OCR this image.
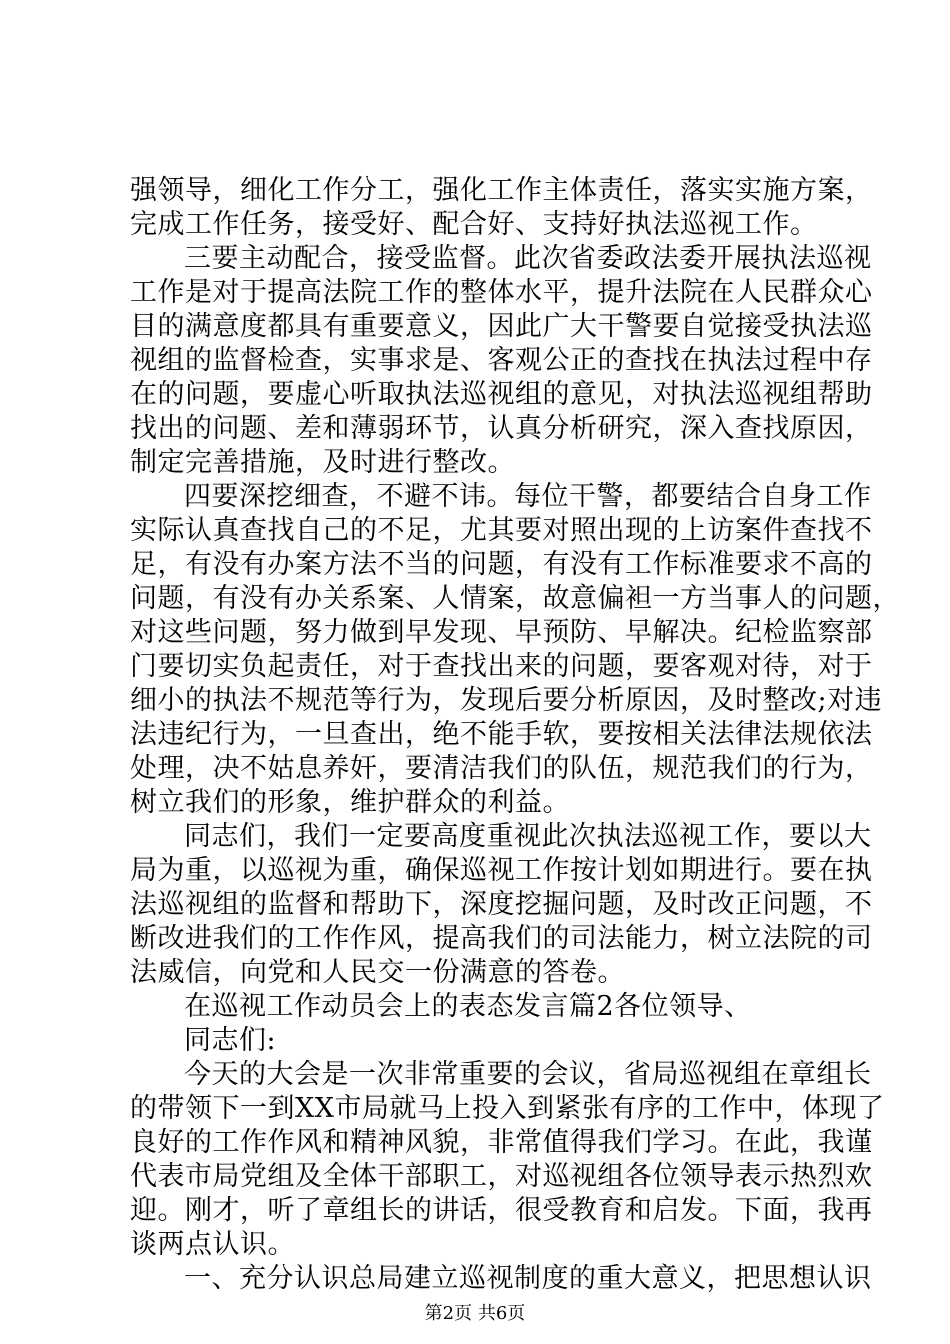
强领导，细化工作分工，强化工作主体责任，落实实施方案，
完成工作任务，接受好、配合好、支持好执法巡视工作。
三要主动配合，接受监督。此次省委政法委开展执法巡视
工作是对于提高法院工作的整体水平，提升法院在人民群众心
目的满意度都具有重要意义，因此广大干警要自觉接受执法巡
视组的监督检查，实事求是、客观公正的查找在执法过程中存
在的问题，要虚心听取执法巡视组的意见，对执法巡视组帮助
找出的问题、差和薄弱环节，认真分析研究，深入查找原因，
制定完善措施，及时进行整改。
四要深挖细查，不避不讳。每位干警，都要结合自身工作
实际认真查找自己的不足，尤其要对照出现的上访案件查找不
足，有没有办案方法不当的问题，有没有工作标准要求不高的
问题，有没有办关系案、人情案，故意偏袒一方当事人的问题，
对这些问题，努力做到早发现、早预防、早解决。纪检监察部
门要切实负起责任，对于查找出来的问题，要客观对待，对于
细小的执法不规范等行为，发现后要分析原因，及时整改;对违
法违纪行为，一旦查出，绝不能手软，要按相关法律法规依法
处理，决不姑息养奸，要清洁我们的队伍，规范我们的行为，
树立我们的形象，维护群众的利益。
同志们，我们一定要高度重视此次执法巡视工作，要以大
局为重，以巡视为重，确保巡视工作按计划如期进行。要在执
法巡视组的监督和帮助下，深度挖掘问题，及时改正问题，不
断改进我们的工作作风，提高我们的司法能力，树立法院的司
法威信，向党和人民交一份满意的答卷。
在巡视工作动员会上的表态发言篇2各位领导、
同志们:
今天的大会是一次非常重要的会议，省局巡视组在章组长
的带领下一到XX市局就马上投入到紧张有序的工作中，体现了
良好的工作作风和精神风貌，非常值得我们学习。在此，我谨
代表市局党组及全体干部职工，对巡视组各位领导表示热烈欢
迎。刚才，听了章组长的讲话，很受教育和启发。下面，我再
谈两点认识。
一、充分认识总局建立巡视制度的重大意义，把思想认识
第2页 共6页
